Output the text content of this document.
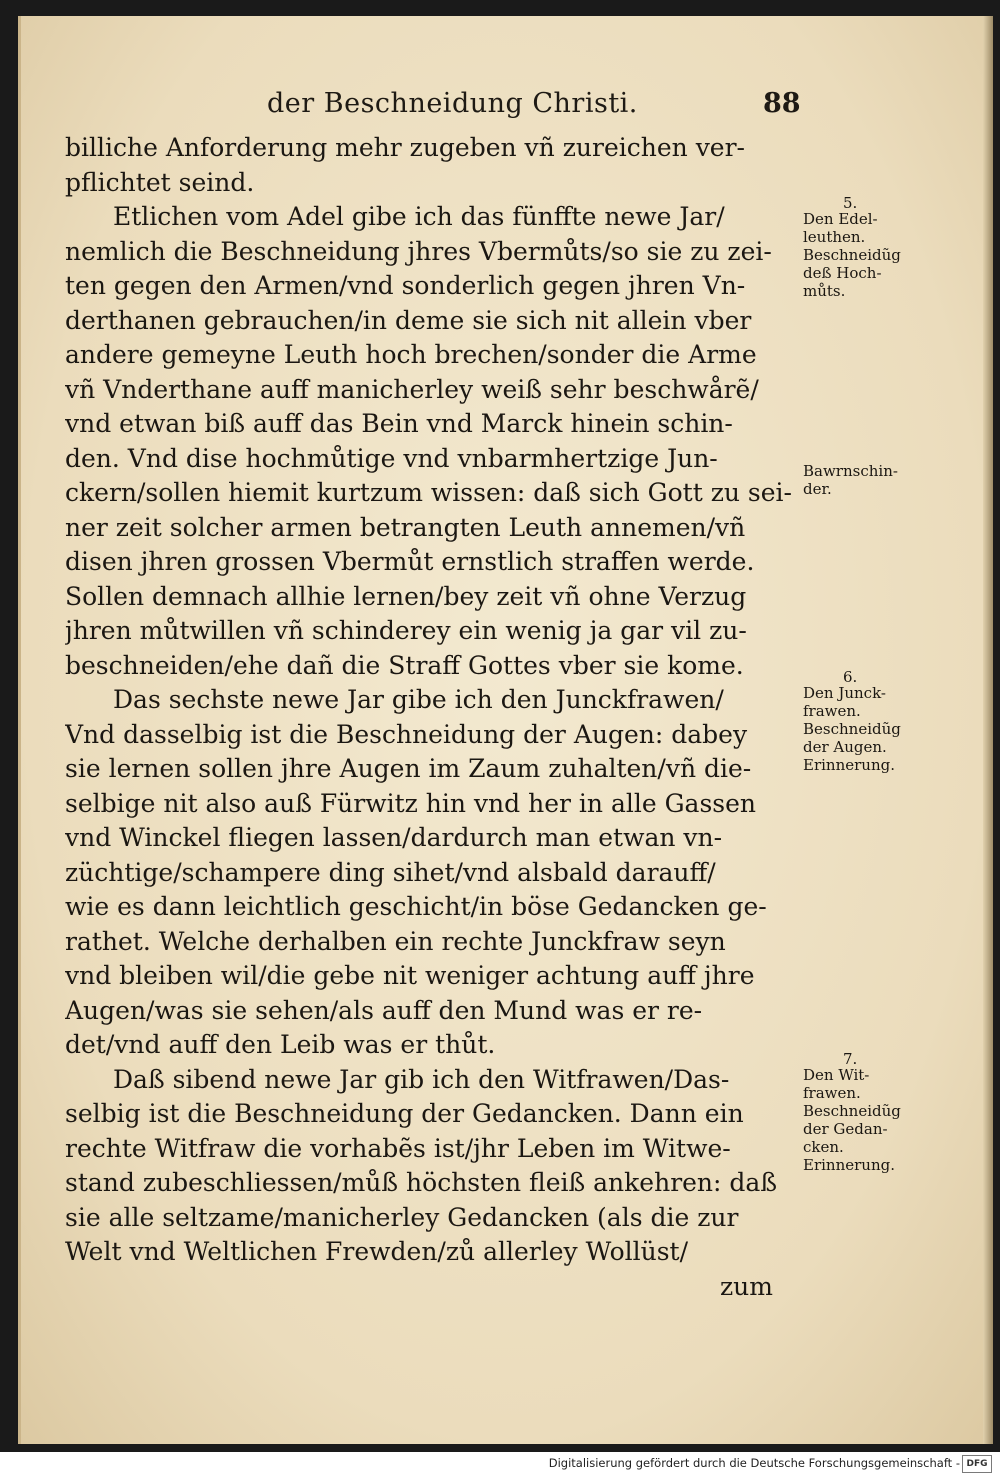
der Beschneidung Christi.	88
billiche Anforderung mehr zugeben vñ zureichen ver-
pflichtet seind.
Etlichen vom Adel gibe ich das fünffte newe Jar/
nemlich die Beschneidung jhres Vbermůts/so sie zu zei-
ten gegen den Armen/vnd sonderlich gegen jhren Vn-
derthanen gebrauchen/in deme sie sich nit allein vber
andere gemeyne Leuth hoch brechen/sonder die Arme
vñ Vnderthane auff manicherley weiß sehr beschwårẽ/
vnd etwan biß auff das Bein vnd Marck hinein schin-
den. Vnd dise hochmůtige vnd vnbarmhertzige Jun-
ckern/sollen hiemit kurtzum wissen: daß sich Gott zu sei-
ner zeit solcher armen betrangten Leuth annemen/vñ
disen jhren grossen Vbermůt ernstlich straffen werde.
Sollen demnach allhie lernen/bey zeit vñ ohne Verzug
jhren můtwillen vñ schinderey ein wenig ja gar vil zu-
beschneiden/ehe dañ die Straff Gottes vber sie kome.
Das sechste newe Jar gibe ich den Junckfrawen/
Vnd dasselbig ist die Beschneidung der Augen: dabey
sie lernen sollen jhre Augen im Zaum zuhalten/vñ die-
selbige nit also auß Fürwitz hin vnd her in alle Gassen
vnd Winckel fliegen lassen/dardurch man etwan vn-
züchtige/schampere ding sihet/vnd alsbald darauff/
wie es dann leichtlich geschicht/in böse Gedancken ge-
rathet. Welche derhalben ein rechte Junckfraw seyn
vnd bleiben wil/die gebe nit weniger achtung auff jhre
Augen/was sie sehen/als auff den Mund was er re-
det/vnd auff den Leib was er thůt.
Daß sibend newe Jar gib ich den Witfrawen/Das-
selbig ist die Beschneidung der Gedancken. Dann ein
rechte Witfraw die vorhabẽs ist/jhr Leben im Witwe-
stand zubeschliessen/můß höchsten fleiß ankehren: daß
sie alle seltzame/manicherley Gedancken (als die zur
Welt vnd Weltlichen Frewden/zů allerley Wollüst/
zum
5.
Den Edel-
leuthen.
Beschneidũg
deß Hoch-
můts.
Bawrnschin-
der.
6.
Den Junck-
frawen.
Beschneidũg
der Augen.
Erinnerung.
7.
Den Wit-
frawen.
Beschneidũg
der Gedan-
cken.
Erinnerung.
Digitalisierung gefördert durch die Deutsche Forschungsgemeinschaft - DFG
